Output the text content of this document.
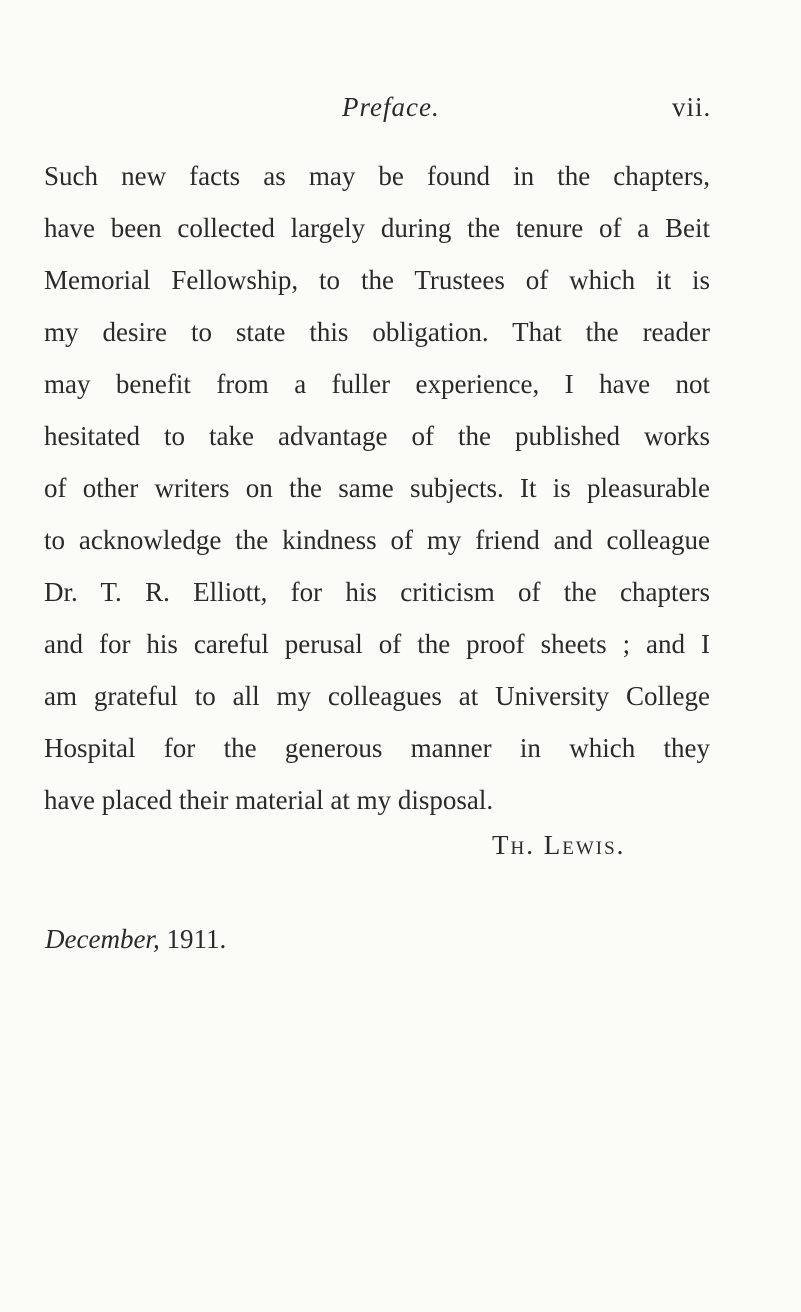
Preface.	vii.
Such new facts as may be found in the chapters,
have been collected largely during the tenure of a Beit
Memorial Fellowship, to the Trustees of which it is
my desire to state this obligation. That the reader
may benefit from a fuller experience, I have not
hesitated to take advantage of the published works
of other writers on the same subjects. It is pleasurable
to acknowledge the kindness of my friend and colleague
Dr. T. R. Elliott, for his criticism of the chapters
and for his careful perusal of the proof sheets ; and I
am grateful to all my colleagues at University College
Hospital for the generous manner in which they
have placed their material at my disposal.
Th. Lewis.
December, 1911.
